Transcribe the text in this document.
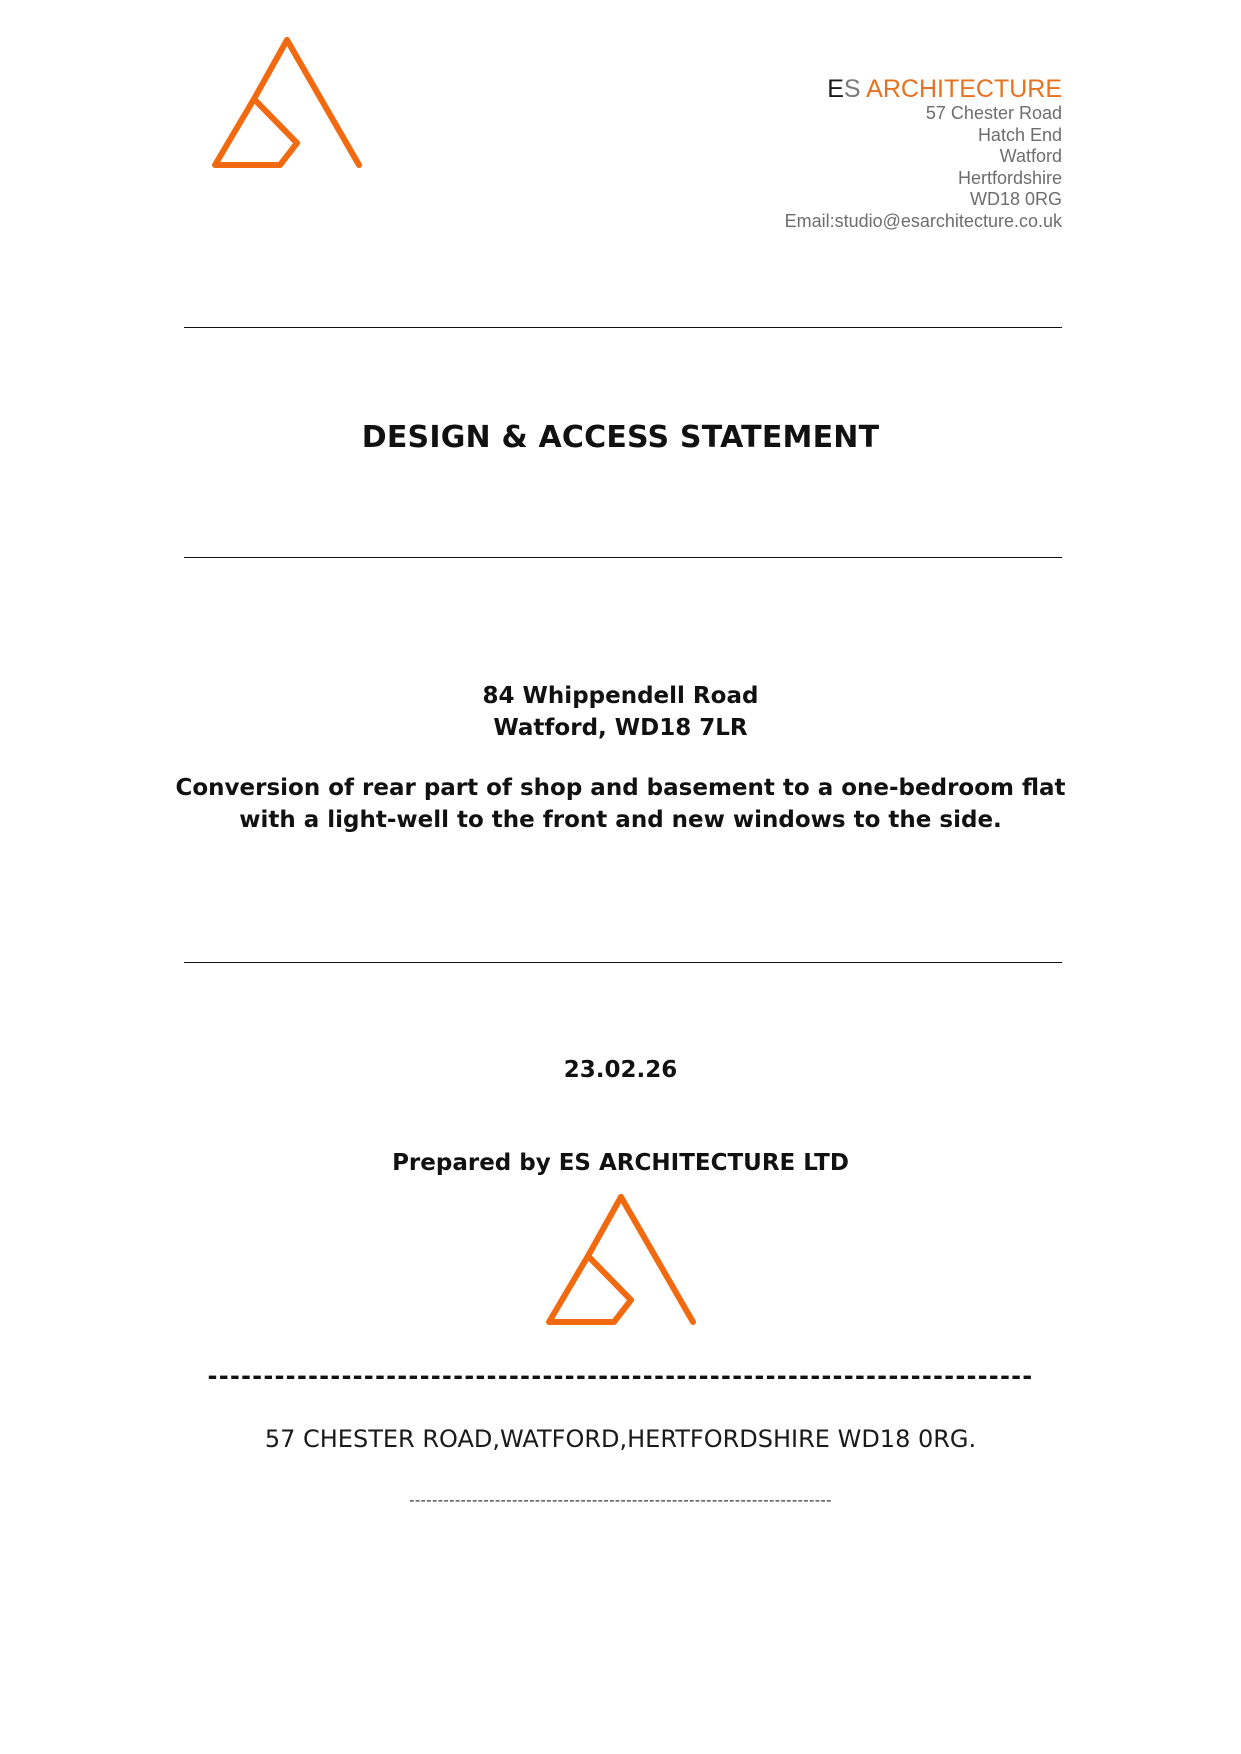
ES ARCHITECTURE
57 Chester Road
Hatch End
Watford
Hertfordshire
WD18 0RG
Email:studio@esarchitecture.co.uk
DESIGN & ACCESS STATEMENT
84 Whippendell Road
Watford, WD18 7LR
Conversion of rear part of shop and basement to a one-bedroom flat
with a light-well to the front and new windows to the side.
23.02.26
Prepared by ES ARCHITECTURE LTD
--------------------------------------------------------------------------
57 CHESTER ROAD,WATFORD,HERTFORDSHIRE WD18 0RG.
--------------------------------------------------------------------------
